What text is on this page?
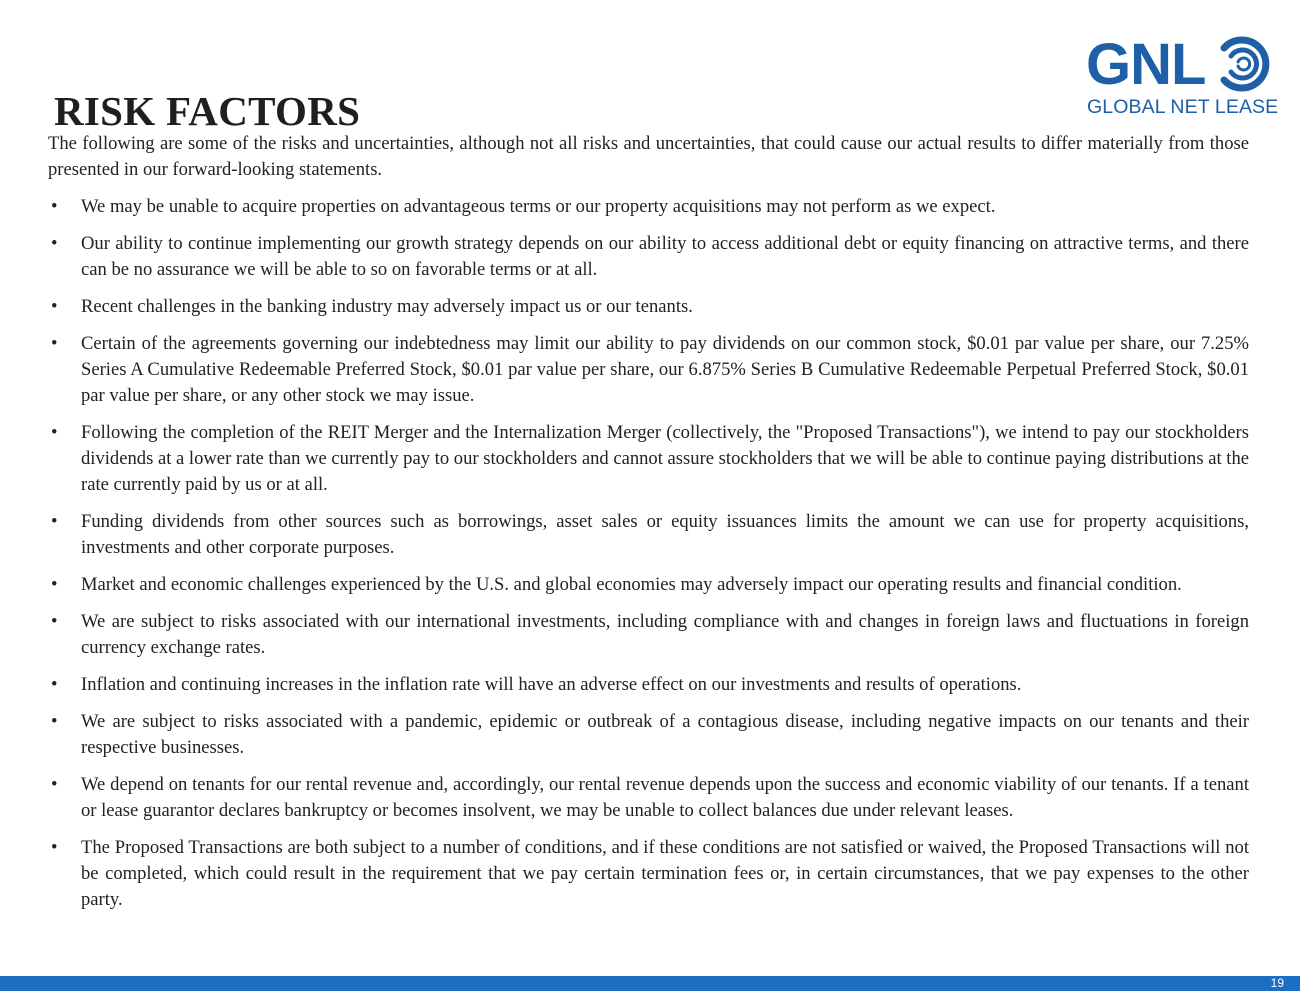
RISK FACTORS
GNL
GLOBAL NET LEASE

The following are some of the risks and uncertainties, although not all risks and uncertainties, that could cause our actual results to differ materially from those presented in our forward-looking statements.

• We may be unable to acquire properties on advantageous terms or our property acquisitions may not perform as we expect.
• Our ability to continue implementing our growth strategy depends on our ability to access additional debt or equity financing on attractive terms, and there can be no assurance we will be able to so on favorable terms or at all.
• Recent challenges in the banking industry may adversely impact us or our tenants.
• Certain of the agreements governing our indebtedness may limit our ability to pay dividends on our common stock, $0.01 par value per share, our 7.25% Series A Cumulative Redeemable Preferred Stock, $0.01 par value per share, our 6.875% Series B Cumulative Redeemable Perpetual Preferred Stock, $0.01 par value per share, or any other stock we may issue.
• Following the completion of the REIT Merger and the Internalization Merger (collectively, the "Proposed Transactions"), we intend to pay our stockholders dividends at a lower rate than we currently pay to our stockholders and cannot assure stockholders that we will be able to continue paying distributions at the rate currently paid by us or at all.
• Funding dividends from other sources such as borrowings, asset sales or equity issuances limits the amount we can use for property acquisitions, investments and other corporate purposes.
• Market and economic challenges experienced by the U.S. and global economies may adversely impact our operating results and financial condition.
• We are subject to risks associated with our international investments, including compliance with and changes in foreign laws and fluctuations in foreign currency exchange rates.
• Inflation and continuing increases in the inflation rate will have an adverse effect on our investments and results of operations.
• We are subject to risks associated with a pandemic, epidemic or outbreak of a contagious disease, including negative impacts on our tenants and their respective businesses.
• We depend on tenants for our rental revenue and, accordingly, our rental revenue depends upon the success and economic viability of our tenants. If a tenant or lease guarantor declares bankruptcy or becomes insolvent, we may be unable to collect balances due under relevant leases.
• The Proposed Transactions are both subject to a number of conditions, and if these conditions are not satisfied or waived, the Proposed Transactions will not be completed, which could result in the requirement that we pay certain termination fees or, in certain circumstances, that we pay expenses to the other party.
19
